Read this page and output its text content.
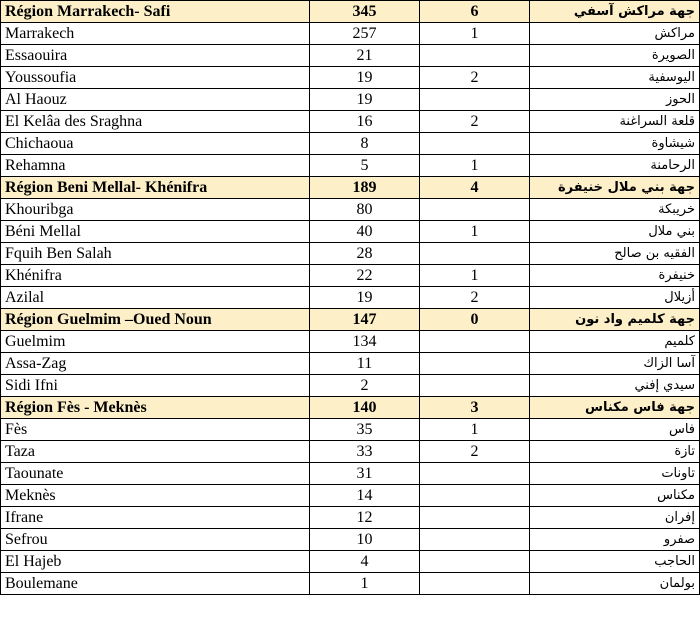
Région Marrakech- Safi	345	6	جهة مراكش آسفي
Marrakech	257	1	مراكش
Essaouira	21		الصويرة
Youssoufia	19	2	اليوسفية
Al Haouz	19		الحوز
El Kelâa des Sraghna	16	2	قلعة السراغنة
Chichaoua	8		شيشاوة
Rehamna	5	1	الرحامنة
Région Beni Mellal- Khénifra	189	4	جهة بني ملال خنيفرة
Khouribga	80		خريبكة
Béni Mellal	40	1	بني ملال
Fquih Ben Salah	28		الفقيه بن صالح
Khénifra	22	1	خنيفرة
Azilal	19	2	أزيلال
Région Guelmim –Oued Noun	147	0	جهة كلميم واد نون
Guelmim	134		كلميم
Assa-Zag	11		آسا الزاك
Sidi Ifni	2		سيدي إفني
Région Fès - Meknès	140	3	جهة فاس مكناس
Fès	35	1	فاس
Taza	33	2	تازة
Taounate	31		تاونات
Meknès	14		مكناس
Ifrane	12		إفران
Sefrou	10		صفرو
El Hajeb	4		الحاجب
Boulemane	1		بولمان
